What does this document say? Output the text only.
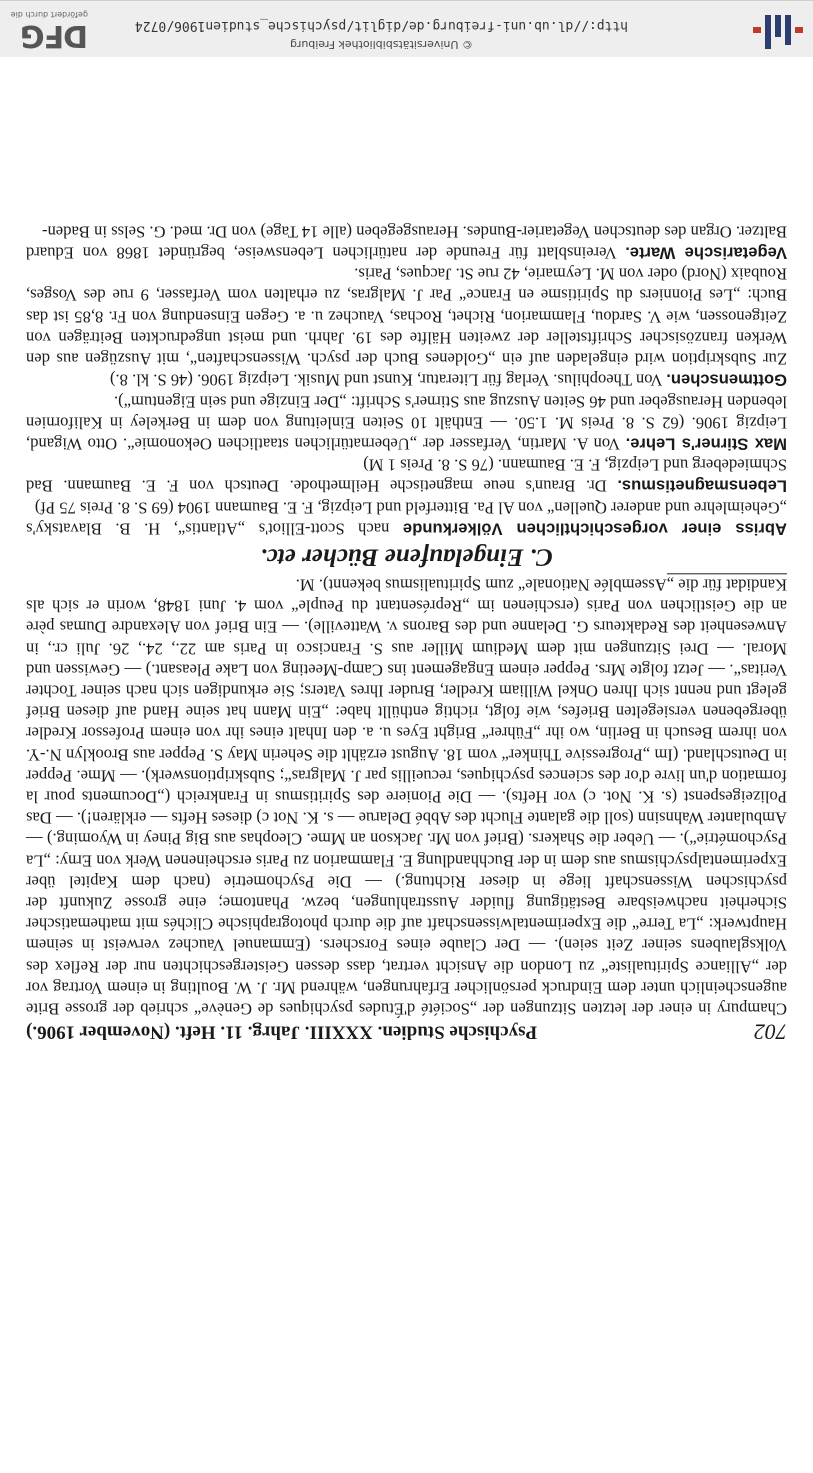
© Universitätsbibliothek Freiburg
http://dl.ub.uni-freiburg.de/diglit/psychische_studien1906/0724
DFG
gefördert durch die
702
Psychische Studien. XXXIII. Jahrg. 11. Heft. (November 1906.)

Champury in einer der letzten Sitzungen der „Société d'Études psychiques de Genève“ schrieb der grosse Brite augenscheinlich unter dem Eindruck persönlicher Erfahrungen, während Mr. J. W. Boulting in einem Vortrag vor der „Alliance Spiritualiste“ zu London die Ansicht vertrat, dass dessen Geistergeschichten nur der Reflex des Volksglaubens seiner Zeit seien). — Der Claube eines Forschers. (Emmanuel Vauchez verweist in seinem Hauptwerk: „La Terre“ die Experimentalwissenschaft auf die durch photographische Clichés mit mathematischer Sicherheit nachweisbare Bestätigung fluider Ausstrahlungen, bezw. Phantome; eine grosse Zukunft der psychischen Wissenschaft liege in dieser Richtung.) — Die Psychometrie (nach dem Kapitel über Experimentalpsychismus aus dem in der Buchhandlung E. Flammarion zu Paris erscheinenen Werk von Erny: „La Psychométrie“). — Ueber die Shakers. (Brief von Mr. Jackson an Mme. Cleophas aus Big Piney in Wyoming.) — Ambulanter Wahnsinn (soll die galante Flucht des Abbé Delarue — s. K. Not c) dieses Hefts — erklären!). — Das Polizeigespenst (s. K. Not. c) vor Hefts). — Die Pioniere des Spiritismus in Frankreich („Documents pour la formation d'un livre d'or des sciences psychiques, recueillis par J. Malgras“; Subskriptionswerk). — Mme. Pepper in Deutschland. (Im „Progressive Thinker“ vom 18. August erzählt die Seherin May S. Pepper aus Brooklyn N.-Y. von ihrem Besuch in Berlin, wo ihr „Führer“ Bright Eyes u. a. den Inhalt eines ihr von einem Professor Kredler übergebenen versiegelten Briefes, wie folgt, richtig enthüllt habe: „Ein Mann hat seine Hand auf diesen Brief gelegt und nennt sich Ihren Onkel William Kredler, Bruder Ihres Vaters; Sie erkundigen sich nach seiner Tochter Veritas“. — Jetzt folgte Mrs. Pepper einem Engagement ins Camp-Meeting von Lake Pleasant.) — Gewissen und Moral. — Drei Sitzungen mit dem Medium Miller aus S. Francisco in Paris am 22., 24., 26. Juli cr., in Anwesenheit des Redakteurs G. Delanne und des Barons v. Watteville). — Ein Brief von Alexandre Dumas père an die Geistlichen von Paris (erschienen im „Représentant du Peuple“ vom 4. Juni 1848, worin er sich als Kandidat für die „Assemblée Nationale“ zum Spiritualismus bekennt). M.

C. Eingelaufene Bücher etc.
Abriss einer vorgeschichtlichen Völkerkunde nach Scott-Elliot's „Atlantis“, H. B. Blavatsky's „Geheimlehre und anderer Quellen“ von Al Pa. Bitterfeld und Leipzig, F. E. Baumann 1904 (69 S. 8. Preis 75 Pf)
Lebensmagnetismus. Dr. Braun's neue magnetische Heilmethode. Deutsch von F. E. Baumann. Bad Schmiedeberg und Leipzig, F. E. Baumann. (76 S. 8. Preis 1 M)
Max Stirner's Lehre. Von A. Martin, Verfasser der „Uebernatürlichen staatlichen Oekonomie“. Otto Wigand, Leipzig 1906. (62 S. 8. Preis M. 1.50. — Enthält 10 Seiten Einleitung von dem in Berkeley in Kalifornien lebenden Herausgeber und 46 Seiten Auszug aus Stirner's Schrift: „Der Einzige und sein Eigentum“).
Gottmenschen. Von Theophilus. Verlag für Literatur, Kunst und Musik. Leipzig 1906. (46 S. kl. 8.)
Zur Subskription wird eingeladen auf ein „Goldenes Buch der psych. Wissenschaften“, mit Auszügen aus den Werken französischer Schriftsteller der zweiten Hälfte des 19. Jahrh. und meist ungedruckten Beiträgen von Zeitgenossen, wie V. Sardou, Flammarion, Richet, Rochas, Vauchez u. a. Gegen Einsendung von Fr. 8,85 ist das Buch: „Les Pionniers du Spiritisme en France“ Par J. Malgras, zu erhalten vom Verfasser, 9 rue des Vosges, Roubaix (Nord) oder von M. Leymarie, 42 rue St. Jacques, Paris.
Vegetarische Warte. Vereinsblatt für Freunde der natürlichen Lebensweise, begründet 1868 von Eduard Baltzer. Organ des deutschen Vegetarier-Bundes. Herausgegeben (alle 14 Tage) von Dr. med. G. Selss in Baden-
